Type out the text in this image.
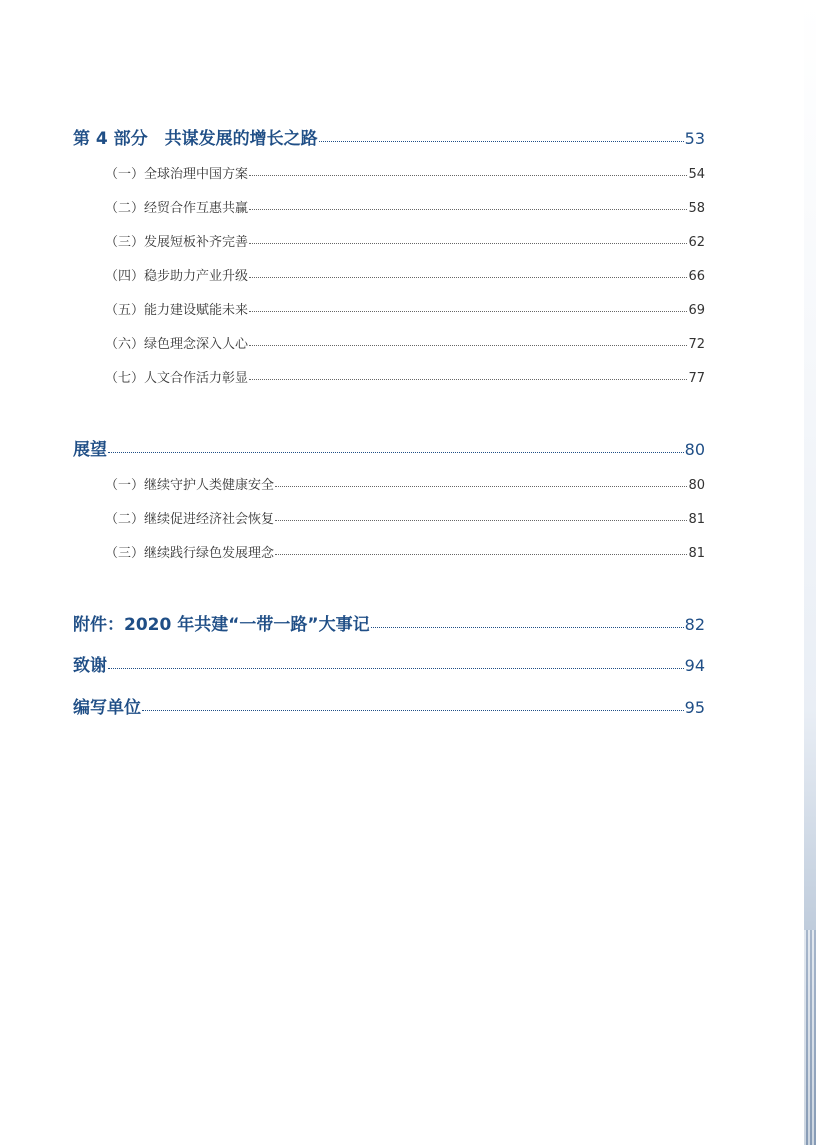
第 4 部分　共谋发展的增长之路	53
（一）全球治理中国方案	54
（二）经贸合作互惠共赢	58
（三）发展短板补齐完善	62
（四）稳步助力产业升级	66
（五）能力建设赋能未来	69
（六）绿色理念深入人心	72
（七）人文合作活力彰显	77
展望	80
（一）继续守护人类健康安全	80
（二）继续促进经济社会恢复	81
（三）继续践行绿色发展理念	81
附件：2020 年共建“一带一路”大事记	82
致谢	94
编写单位	95
